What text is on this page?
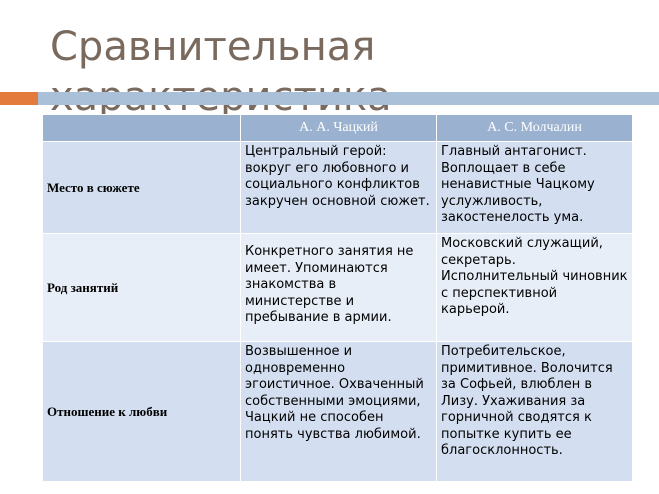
Сравнительная
	А. А. Чацкий	А. С. Молчалин
Место в сюжете	Центральный герой: вокруг его любовного и социального конфликтов закручен основной сюжет.	Главный антагонист. Воплощает в себе ненавистные Чацкому услужливость, закостенелость ума.
Род занятий	Конкретного занятия не имеет. Упоминаются знакомства в министерстве и пребывание в армии.	Московский служащий, секретарь. Исполнительный чиновник с перспективной карьерой.
Отношение к любви	Возвышенное и одновременно эгоистичное. Охваченный собственными эмоциями, Чацкий не способен понять чувства любимой.	Потребительское, примитивное. Волочится за Софьей, влюблен в Лизу. Ухаживания за горничной сводятся к попытке купить ее благосклонность.
